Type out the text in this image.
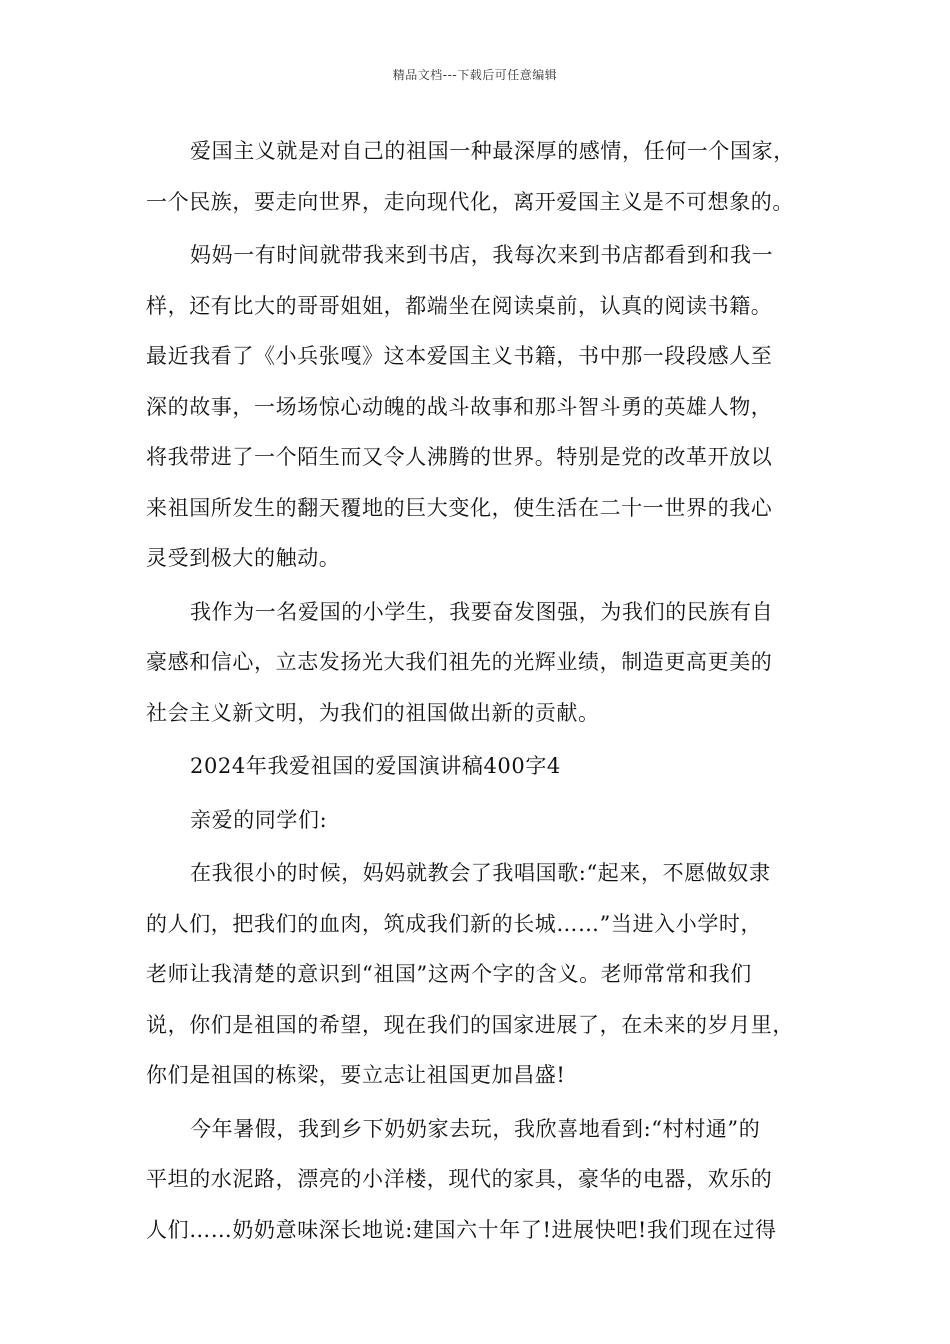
精品文档---下载后可任意编辑
爱国主义就是对自己的祖国一种最深厚的感情，任何一个国家，
一个民族，要走向世界，走向现代化，离开爱国主义是不可想象的。
妈妈一有时间就带我来到书店，我每次来到书店都看到和我一
样，还有比大的哥哥姐姐，都端坐在阅读桌前，认真的阅读书籍。
最近我看了《小兵张嘎》这本爱国主义书籍，书中那一段段感人至
深的故事，一场场惊心动魄的战斗故事和那斗智斗勇的英雄人物，
将我带进了一个陌生而又令人沸腾的世界。特别是党的改革开放以
来祖国所发生的翻天覆地的巨大变化，使生活在二十一世界的我心
灵受到极大的触动。
我作为一名爱国的小学生，我要奋发图强，为我们的民族有自
豪感和信心，立志发扬光大我们祖先的光辉业绩，制造更高更美的
社会主义新文明，为我们的祖国做出新的贡献。
2024年我爱祖国的爱国演讲稿400字4
亲爱的同学们:
在我很小的时候，妈妈就教会了我唱国歌:“起来，不愿做奴隶
的人们，把我们的血肉，筑成我们新的长城……”当进入小学时，
老师让我清楚的意识到“祖国”这两个字的含义。老师常常和我们
说，你们是祖国的希望，现在我们的国家进展了，在未来的岁月里，
你们是祖国的栋梁，要立志让祖国更加昌盛!
今年暑假，我到乡下奶奶家去玩，我欣喜地看到:“村村通”的
平坦的水泥路，漂亮的小洋楼，现代的家具，豪华的电器，欢乐的
人们……奶奶意味深长地说:建国六十年了!进展快吧!我们现在过得
